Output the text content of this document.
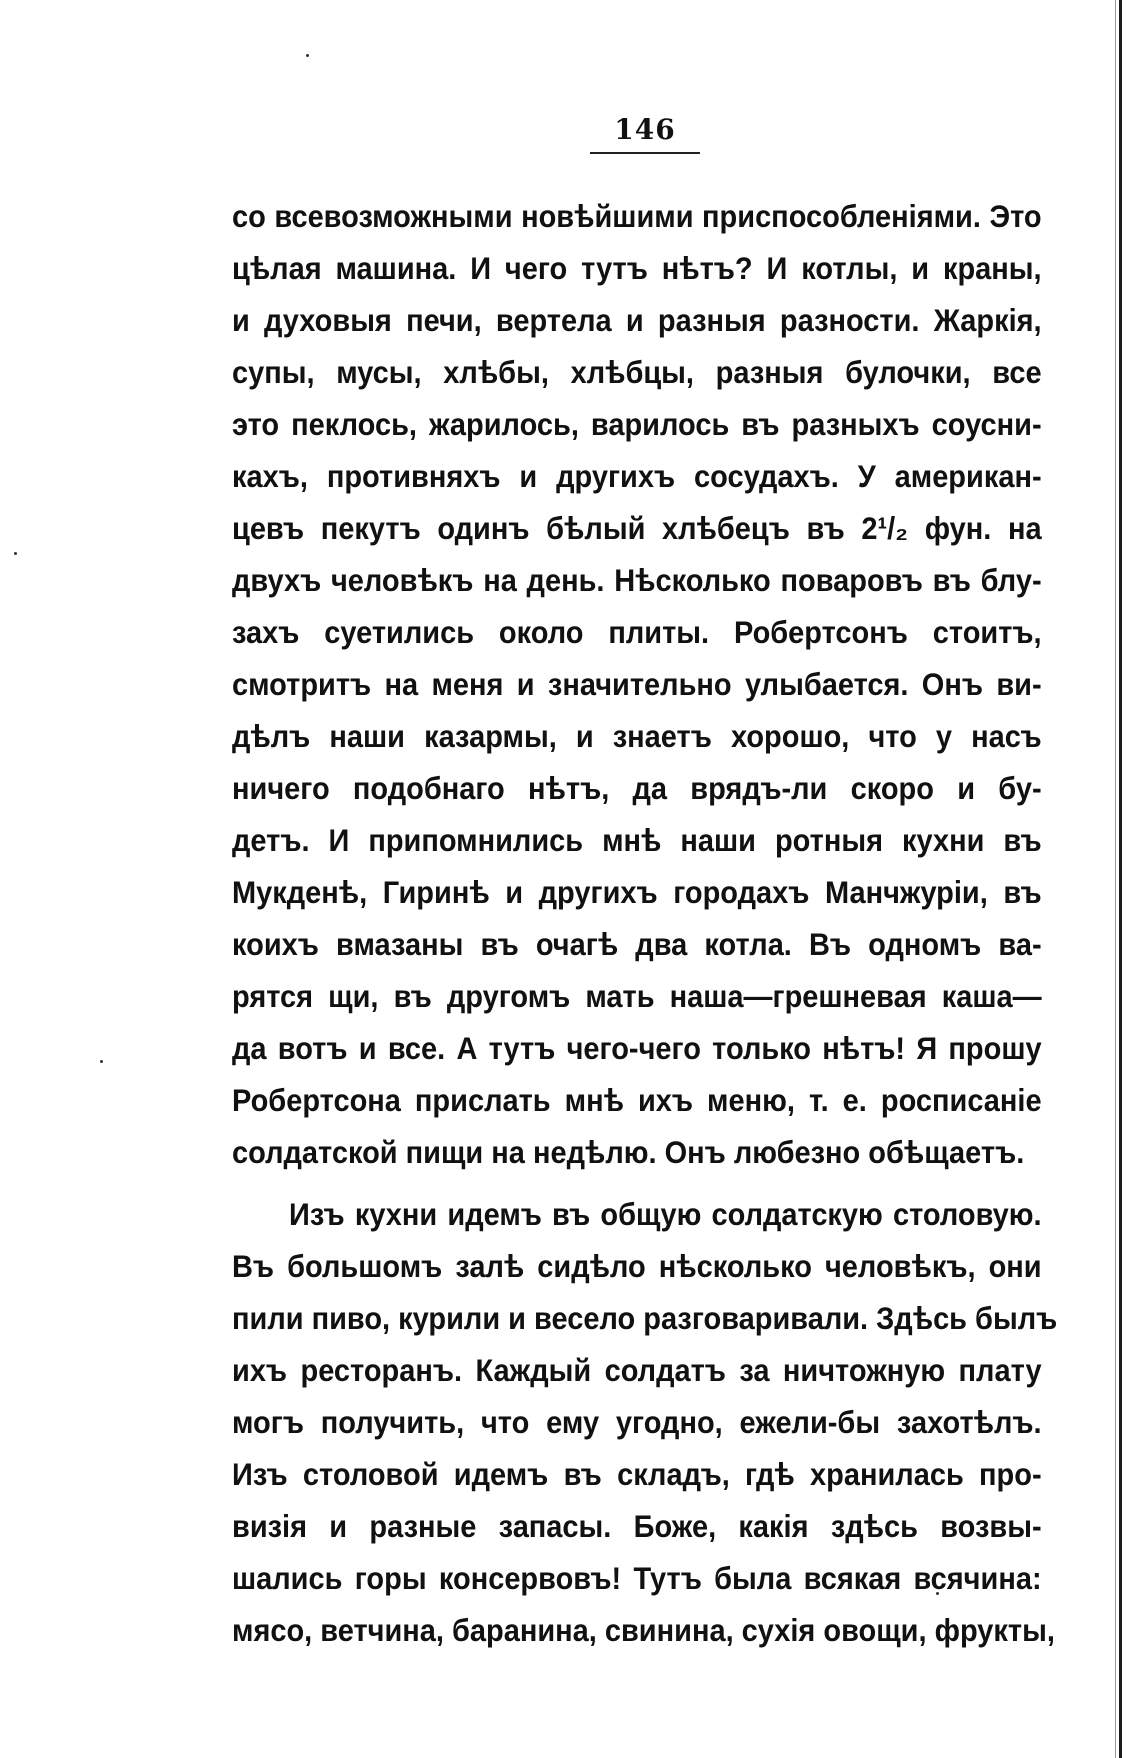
146
со всевозможными новѣйшими приспособленіями. Это
цѣлая машина. И чего тутъ нѣтъ? И котлы, и краны,
и духовыя печи, вертела и разныя разности. Жаркія,
супы, мусы, хлѣбы, хлѣбцы, разныя булочки, все
это пеклось, жарилось, варилось въ разныхъ соусни-
кахъ, противняхъ и другихъ сосудахъ. У американ-
цевъ пекутъ одинъ бѣлый хлѣбецъ въ 2¹/₂ фун. на
двухъ человѣкъ на день. Нѣсколько поваровъ въ блу-
захъ суетились около плиты. Робертсонъ стоитъ,
смотритъ на меня и значительно улыбается. Онъ ви-
дѣлъ наши казармы, и знаетъ хорошо, что у насъ
ничего подобнаго нѣтъ, да врядъ-ли скоро и бу-
детъ. И припомнились мнѣ наши ротныя кухни въ
Мукденѣ, Гиринѣ и другихъ городахъ Манчжуріи, въ
коихъ вмазаны въ очагѣ два котла. Въ одномъ ва-
рятся щи, въ другомъ мать наша—грешневая каша—
да вотъ и все. А тутъ чего-чего только нѣтъ! Я прошу
Робертсона прислать мнѣ ихъ меню, т. е. росписаніе
солдатской пищи на недѣлю. Онъ любезно обѣщаетъ.
Изъ кухни идемъ въ общую солдатскую столовую.
Въ большомъ залѣ сидѣло нѣсколько человѣкъ, они
пили пиво, курили и весело разговаривали. Здѣсь былъ
ихъ ресторанъ. Каждый солдатъ за ничтожную плату
могъ получить, что ему угодно, ежели-бы захотѣлъ.
Изъ столовой идемъ въ складъ, гдѣ хранилась про-
визія и разные запасы. Боже, какія здѣсь возвы-
шались горы консервовъ! Тутъ была всякая всячина:
мясо, ветчина, баранина, свинина, сухія овощи, фрукты,
